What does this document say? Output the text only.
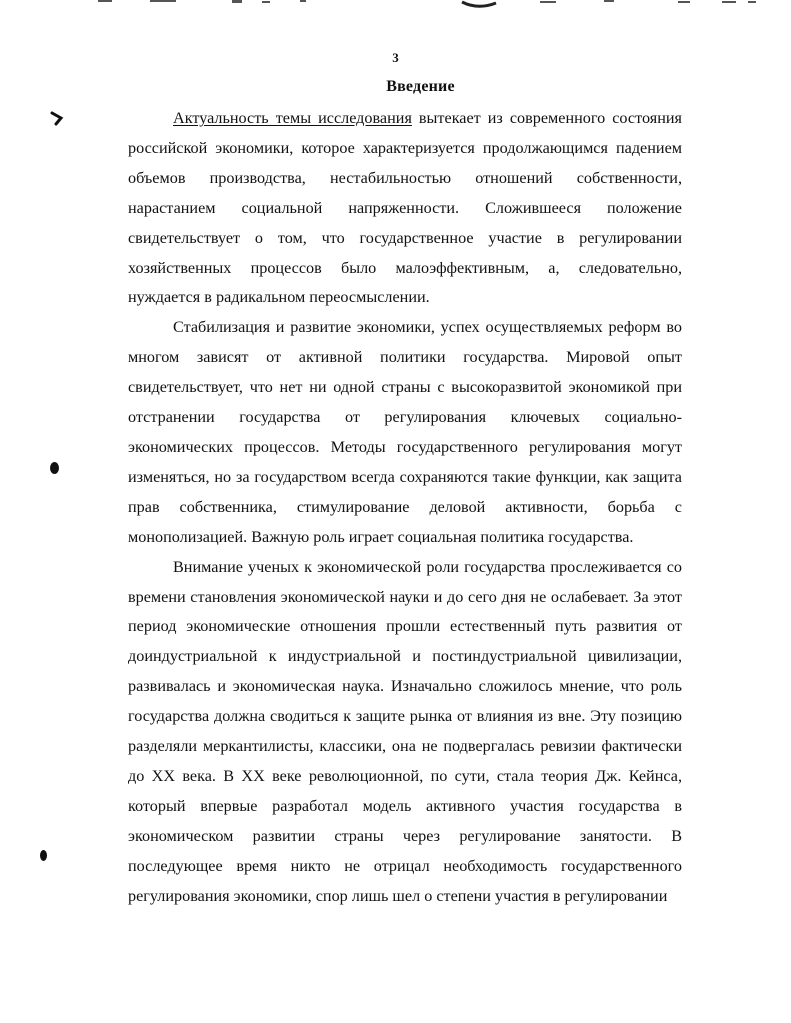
3
Введение

Актуальность темы исследования вытекает из современного состояния российской экономики, которое характеризуется продолжающимся падением объемов производства, нестабильностью отношений собственности, нарастанием социальной напряженности. Сложившееся положение свидетельствует о том, что государственное участие в регулировании хозяйственных процессов было малоэффективным, а, следовательно, нуждается в радикальном переосмыслении.

Стабилизация и развитие экономики, успех осуществляемых реформ во многом зависят от активной политики государства. Мировой опыт свидетельствует, что нет ни одной страны с высокоразвитой экономикой при отстранении государства от регулирования ключевых социально-экономических процессов. Методы государственного регулирования могут изменяться, но за государством всегда сохраняются такие функции, как защита прав собственника, стимулирование деловой активности, борьба с монополизацией. Важную роль играет социальная политика государства.

Внимание ученых к экономической роли государства прослеживается со времени становления экономической науки и до сего дня не ослабевает. За этот период экономические отношения прошли естественный путь развития от доиндустриальной к индустриальной и постиндустриальной цивилизации, развивалась и экономическая наука. Изначально сложилось мнение, что роль государства должна сводиться к защите рынка от влияния из вне. Эту позицию разделяли меркантилисты, классики, она не подвергалась ревизии фактически до XX века. В XX веке революционной, по сути, стала теория Дж. Кейнса, который впервые разработал модель активного участия государства в экономическом развитии страны через регулирование занятости. В последующее время никто не отрицал необходимость государственного регулирования экономики, спор лишь шел о степени участия в регулировании
